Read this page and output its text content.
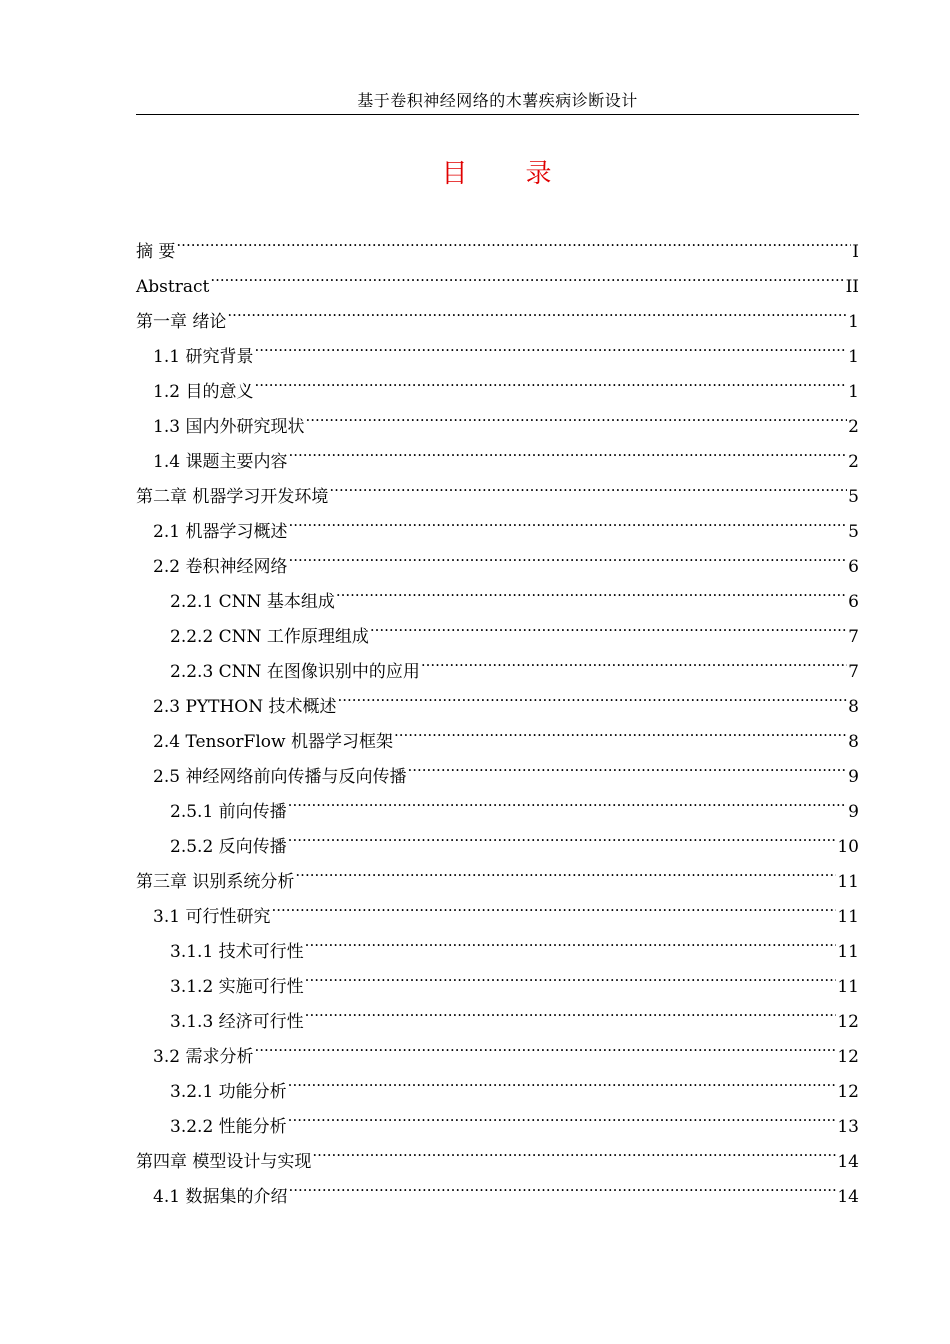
基于卷积神经网络的木薯疾病诊断设计
目 录
摘 要 .....	I
Abstract .....	II
第一章 绪论 .....	1
1.1 研究背景 .....	1
1.2 目的意义 .....	1
1.3 国内外研究现状 .....	2
1.4 课题主要内容 .....	2
第二章 机器学习开发环境 .....	5
2.1 机器学习概述 .....	5
2.2 卷积神经网络 .....	6
2.2.1 CNN 基本组成 .....	6
2.2.2 CNN 工作原理组成 .....	7
2.2.3 CNN 在图像识别中的应用 .....	7
2.3 PYTHON 技术概述 .....	8
2.4 TensorFlow 机器学习框架 .....	8
2.5 神经网络前向传播与反向传播 .....	9
2.5.1 前向传播 .....	9
2.5.2 反向传播 .....	10
第三章 识别系统分析 .....	11
3.1 可行性研究 .....	11
3.1.1 技术可行性 .....	11
3.1.2 实施可行性 .....	11
3.1.3 经济可行性 .....	12
3.2 需求分析 .....	12
3.2.1 功能分析 .....	12
3.2.2 性能分析 .....	13
第四章 模型设计与实现 .....	14
4.1 数据集的介绍 .....	14
